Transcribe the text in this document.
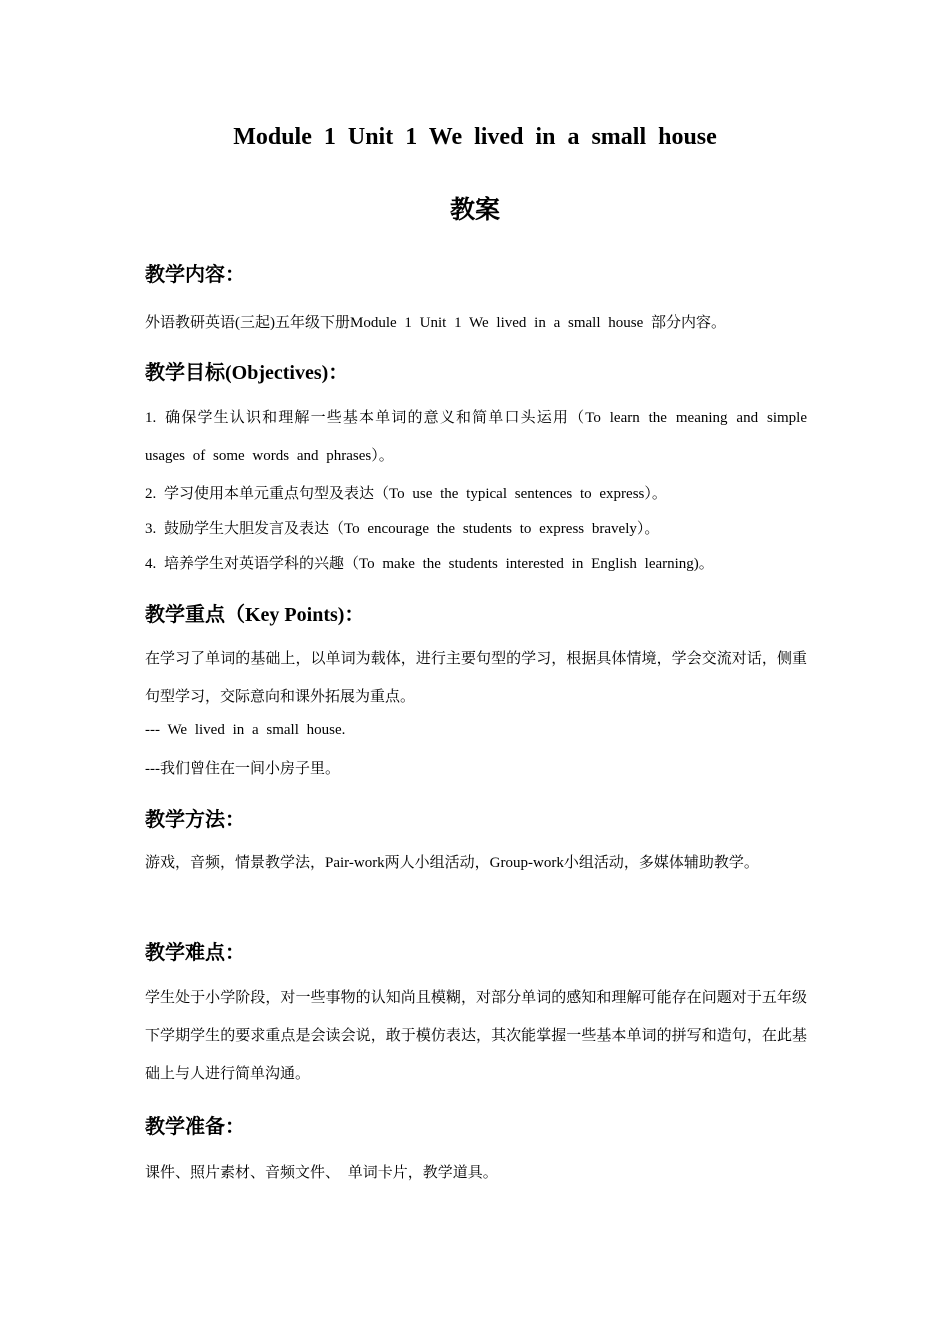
Module 1 Unit 1 We lived in a small house
教案
教学内容：
外语教研英语(三起)五年级下册Module 1 Unit 1 We lived in a small house 部分内容。
教学目标(Objectives)：
1. 确保学生认识和理解一些基本单词的意义和简单口头运用（To learn the meaning and simple usages of some words and phrases）。
2. 学习使用本单元重点句型及表达（To use the typical sentences to express）。
3. 鼓励学生大胆发言及表达（To encourage the students to express bravely）。
4. 培养学生对英语学科的兴趣（To make the students interested in English learning)。
教学重点（Key Points)：
在学习了单词的基础上，以单词为载体，进行主要句型的学习，根据具体情境，学会交流对话，侧重句型学习，交际意向和课外拓展为重点。
--- We lived in a small house.
---我们曾住在一间小房子里。
教学方法：
游戏，音频，情景教学法，Pair-work两人小组活动，Group-work小组活动，多媒体辅助教学。
教学难点：
学生处于小学阶段，对一些事物的认知尚且模糊，对部分单词的感知和理解可能存在问题对于五年级下学期学生的要求重点是会读会说，敢于模仿表达，其次能掌握一些基本单词的拼写和造句，在此基础上与人进行简单沟通。
教学准备：
课件、照片素材、音频文件、 单词卡片，教学道具。
